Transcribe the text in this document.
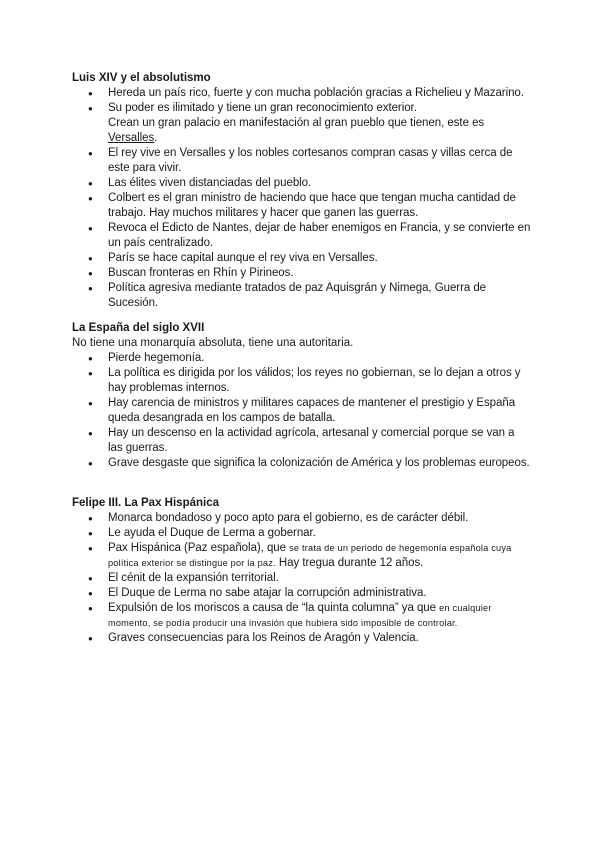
Luis XIV y el absolutismo

● Hereda un país rico, fuerte y con mucha población gracias a Richelieu y Mazarino.
● Su poder es ilimitado y tiene un gran reconocimiento exterior.
Crean un gran palacio en manifestación al gran pueblo que tienen, este es Versalles.
● El rey vive en Versalles y los nobles cortesanos compran casas y villas cerca de este para vivir.
● Las élites viven distanciadas del pueblo.
● Colbert es el gran ministro de haciendo que hace que tengan mucha cantidad de trabajo. Hay muchos militares y hacer que ganen las guerras.
● Revoca el Edicto de Nantes, dejar de haber enemigos en Francia, y se convierte en un país centralizado.
● París se hace capital aunque el rey viva en Versalles.
● Buscan fronteras en Rhín y Pirineos.
● Política agresiva mediante tratados de paz Aquisgrán y Nimega, Guerra de Sucesión.

La España del siglo XVII

No tiene una monarquía absoluta, tiene una autoritaria.

● Pierde hegemonía.
● La política es dirigida por los válidos; los reyes no gobiernan, se lo dejan a otros y hay problemas internos.
● Hay carencia de ministros y militares capaces de mantener el prestigio y España queda desangrada en los campos de batalla.
● Hay un descenso en la actividad agrícola, artesanal y comercial porque se van a las guerras.
● Grave desgaste que significa la colonización de América y los problemas europeos.

Felipe III. La Pax Hispánica

● Monarca bondadoso y poco apto para el gobierno, es de carácter débil.
● Le ayuda el Duque de Lerma a gobernar.
● Pax Hispánica (Paz española), que se trata de un periodo de hegemonía española cuya política exterior se distingue por la paz. Hay tregua durante 12 años.
● El cénit de la expansión territorial.
● El Duque de Lerma no sabe atajar la corrupción administrativa.
● Expulsión de los moriscos a causa de “la quinta columna” ya que en cualquier momento, se podía producir una invasión que hubiera sido imposible de controlar.
● Graves consecuencias para los Reinos de Aragón y Valencia.
